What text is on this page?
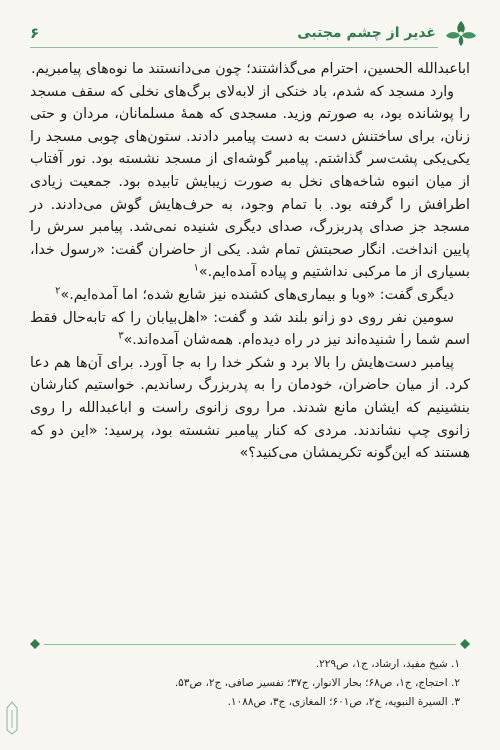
۶	غدیر از چشم مجتبی

اباعبدالله الحسین، احترام می‌گذاشتند؛ چون می‌دانستند ما نوه‌های پیامبریم.

وارد مسجد که شدم، باد خنکی از لابه‌لای برگ‌های نخلی که سقف مسجد را پوشانده بود، به صورتم وزید. مسجدی که همهٔ مسلمانان، مردان و حتی زنان، برای ساختنش دست به دست پیامبر دادند. ستون‌های چوبی مسجد را یکی‌یکی پشت‌سر گذاشتم. پیامبر گوشه‌ای از مسجد نشسته بود. نور آفتاب از میان انبوه شاخه‌های نخل به صورت زیبایش تابیده بود. جمعیت زیادی اطرافش را گرفته بود. با تمام وجود، به حرف‌هایش گوش می‌دادند. در مسجد جز صدای پدربزرگ، صدای دیگری شنیده نمی‌شد. پیامبر سرش را پایین انداخت. انگار صحبتش تمام شد. یکی از حاضران گفت: «رسول خدا، بسیاری از ما مرکبی نداشتیم و پیاده آمده‌ایم.»$^۱$

دیگری گفت: «وبا و بیماری‌های کشنده نیز شایع شده؛ اما آمده‌ایم.»$^۲$

سومین نفر روی دو زانو بلند شد و گفت: «اهل‌بیابان را که تابه‌حال فقط اسم شما را شنیده‌اند نیز در راه دیده‌ام. همه‌شان آمده‌اند.»$^۳$

پیامبر دست‌هایش را بالا برد و شکر خدا را به جا آورد. برای آن‌ها هم دعا کرد. از میان حاضران، خودمان را به پدربزرگ رساندیم. خواستیم کنارشان بنشینیم که ایشان مانع شدند. مرا روی زانوی راست و اباعبدالله را روی زانوی چپ نشاندند. مردی که کنار پیامبر نشسته بود، پرسید: «این دو که هستند که این‌گونه تکریمشان می‌کنید؟»

۱. شیخ مفید، ارشاد، ج۱، ص۲۲۹.
۲. احتجاج، ج۱، ص۶۸؛ بحار الانوار، ج۳۷؛ تفسیر صافی، ج۲، ص۵۳.
۳. السیرة النبویه، ج۲، ص۶۰۱؛ المغازی، ج۳، ص۱۰۸۸.
